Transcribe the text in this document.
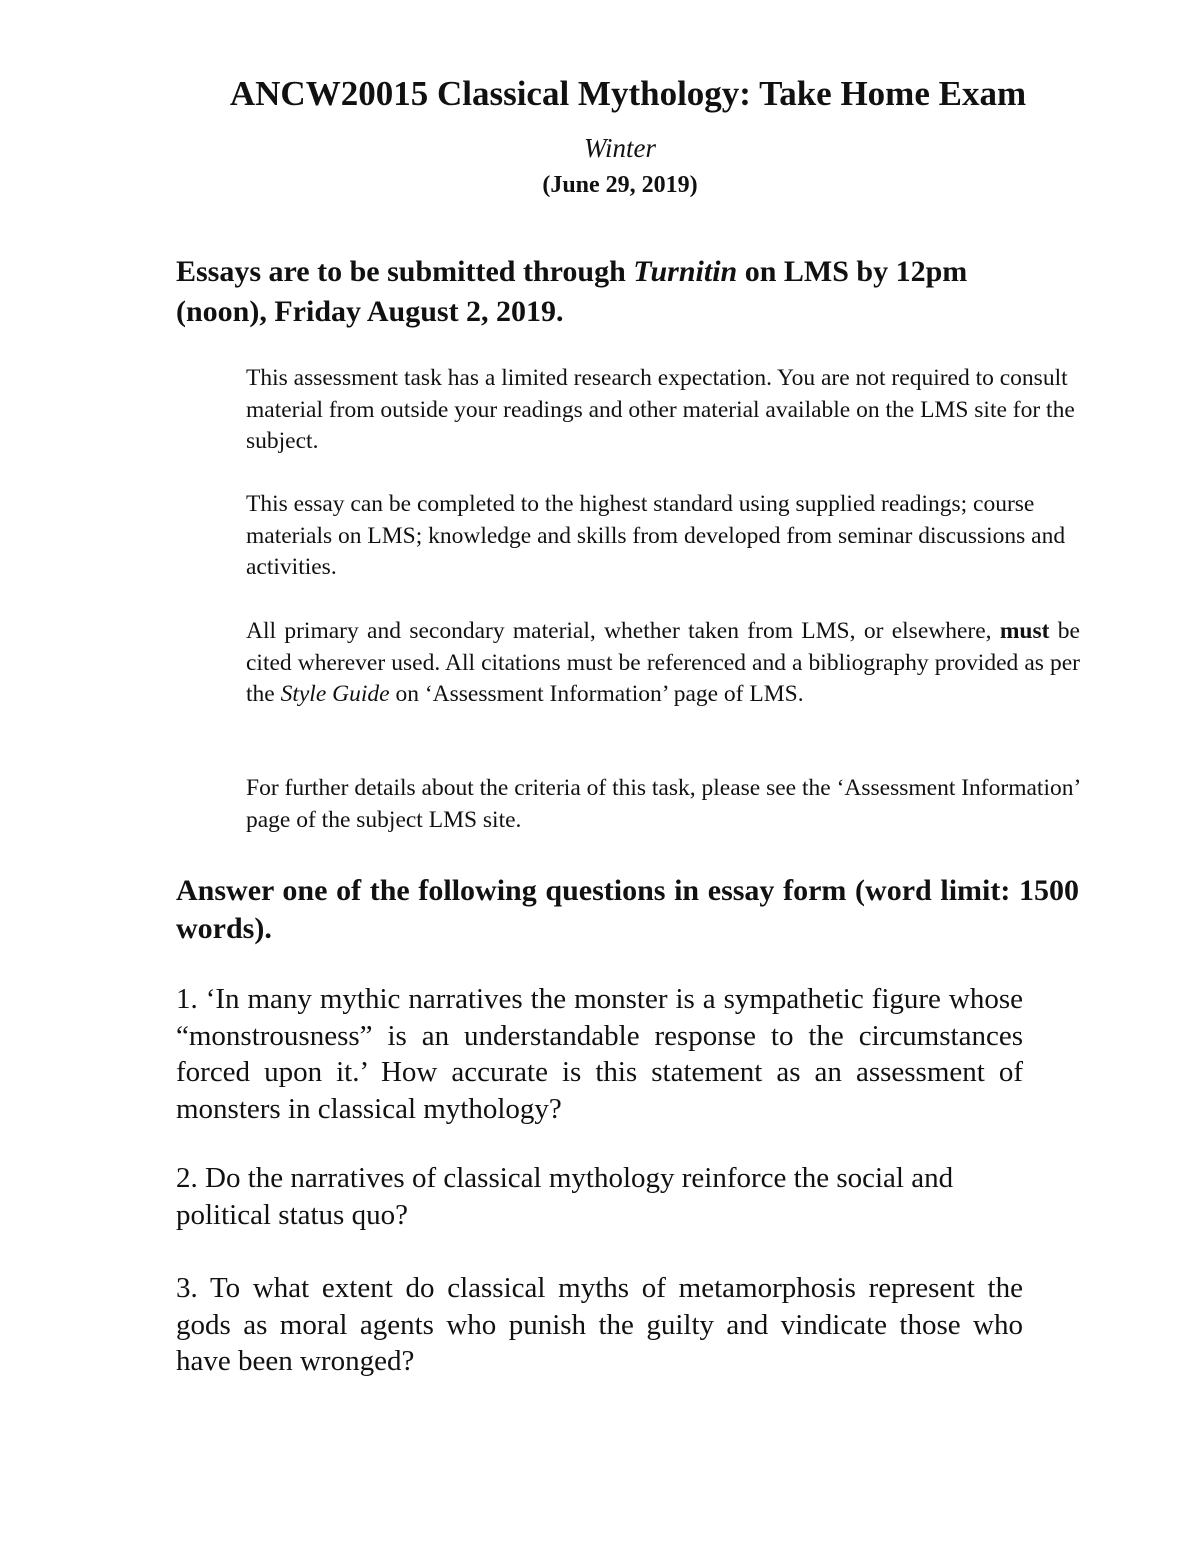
ANCW20015 Classical Mythology: Take Home Exam
Winter
(June 29, 2019)
Essays are to be submitted through Turnitin on LMS by 12pm (noon), Friday August 2, 2019.

This assessment task has a limited research expectation. You are not required to consult material from outside your readings and other material available on the LMS site for the subject.

This essay can be completed to the highest standard using supplied readings; course materials on LMS; knowledge and skills from developed from seminar discussions and activities.

All primary and secondary material, whether taken from LMS, or elsewhere, must be cited wherever used. All citations must be referenced and a bibliography provided as per the Style Guide on ‘Assessment Information’ page of LMS.

For further details about the criteria of this task, please see the ‘Assessment Information’ page of the subject LMS site.

Answer one of the following questions in essay form (word limit: 1500 words).
1. ‘In many mythic narratives the monster is a sympathetic figure whose “monstrousness” is an understandable response to the circumstances forced upon it.’ How accurate is this statement as an assessment of monsters in classical mythology?
2. Do the narratives of classical mythology reinforce the social and political status quo?
3. To what extent do classical myths of metamorphosis represent the gods as moral agents who punish the guilty and vindicate those who have been wronged?
